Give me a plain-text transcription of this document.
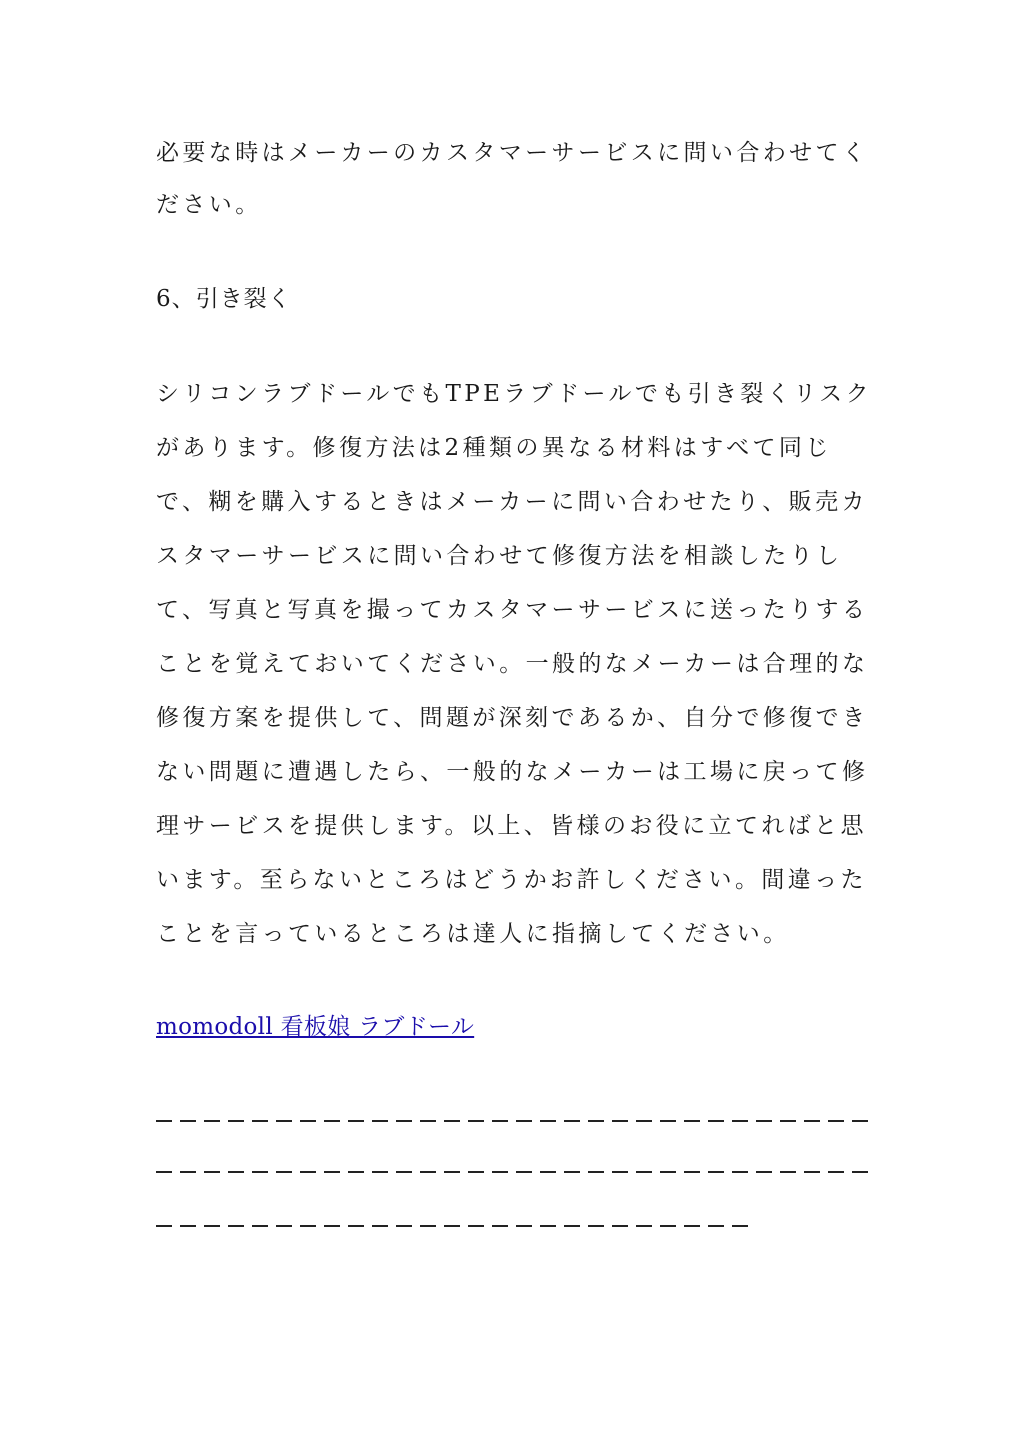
必要な時はメーカーのカスタマーサービスに問い合わせてく
ださい。
6、引き裂く
シリコンラブドールでもTPEラブドールでも引き裂くリスク
があります。修復方法は2種類の異なる材料はすべて同じ
で、糊を購入するときはメーカーに問い合わせたり、販売カ
スタマーサービスに問い合わせて修復方法を相談したりし
て、写真と写真を撮ってカスタマーサービスに送ったりする
ことを覚えておいてください。一般的なメーカーは合理的な
修復方案を提供して、問題が深刻であるか、自分で修復でき
ない問題に遭遇したら、一般的なメーカーは工場に戻って修
理サービスを提供します。以上、皆様のお役に立てればと思
います。至らないところはどうかお許しください。間違った
ことを言っているところは達人に指摘してください。
momodoll 看板娘 ラブドール
